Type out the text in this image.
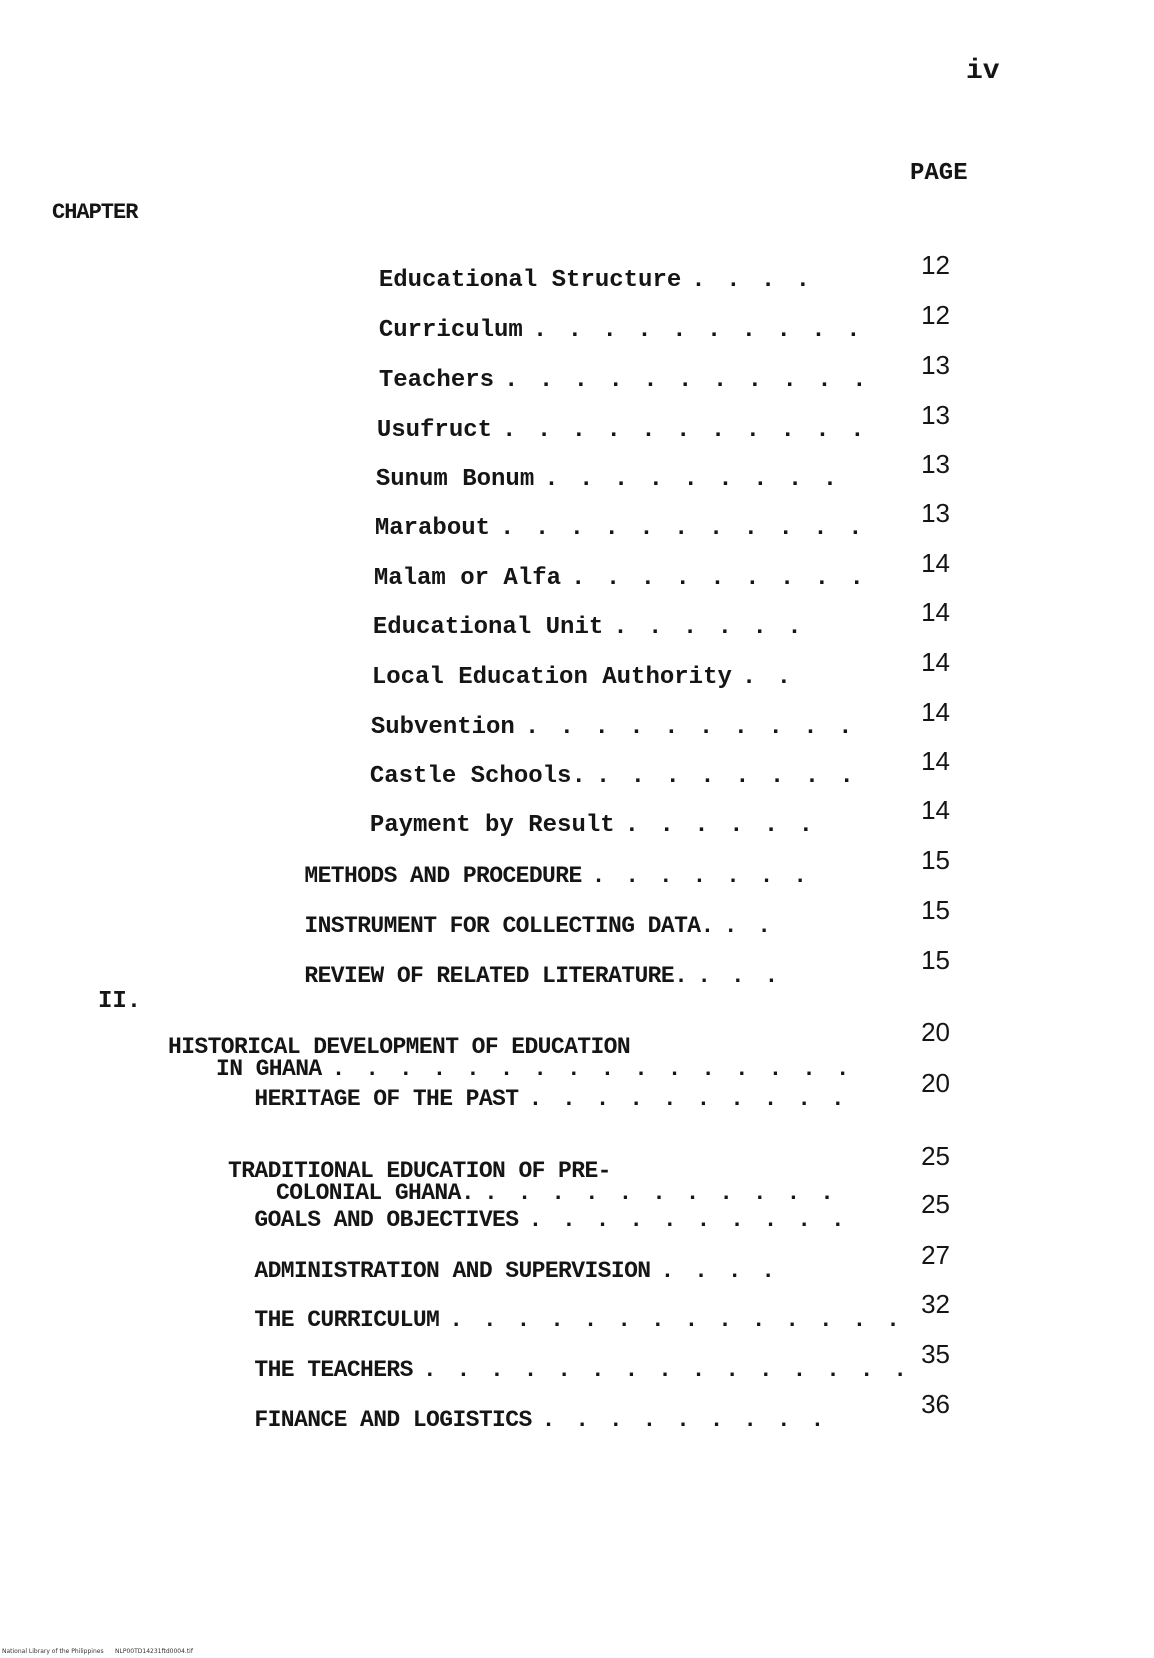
iv
PAGE
CHAPTER
II.

Educational Structure . . . .

12

Curriculum . . . . . . . . . .

12

Teachers . . . . . . . . . . .

13

Usufruct . . . . . . . . . . .

13

Sunum Bonum . . . . . . . . .

13

Marabout . . . . . . . . . . .

13

Malam or Alfa . . . . . . . . .

14

Educational Unit . . . . . .

14

Local Education Authority . .

14

Subvention . . . . . . . . . .

14

Castle Schools. . . . . . . . .

14

Payment by Result . . . . . .

14

METHODS AND PROCEDURE . . . . . . .

15

INSTRUMENT FOR COLLECTING DATA. . .

15

REVIEW OF RELATED LITERATURE. . . .

15

HISTORICAL DEVELOPMENT OF EDUCATION
IN GHANA . . . . . . . . . . . . . . . .

20

HERITAGE OF THE PAST . . . . . . . . . .

20

TRADITIONAL EDUCATION OF PRE-
COLONIAL GHANA. . . . . . . . . . . .

25

GOALS AND OBJECTIVES . . . . . . . . . .

25

ADMINISTRATION AND SUPERVISION . . . .

27

THE CURRICULUM . . . . . . . . . . . . . .

32

THE TEACHERS . . . . . . . . . . . . . . .

35

FINANCE AND LOGISTICS . . . . . . . . .

36
National Library of the Philippines NLP00TD14231ftd0004.tif
